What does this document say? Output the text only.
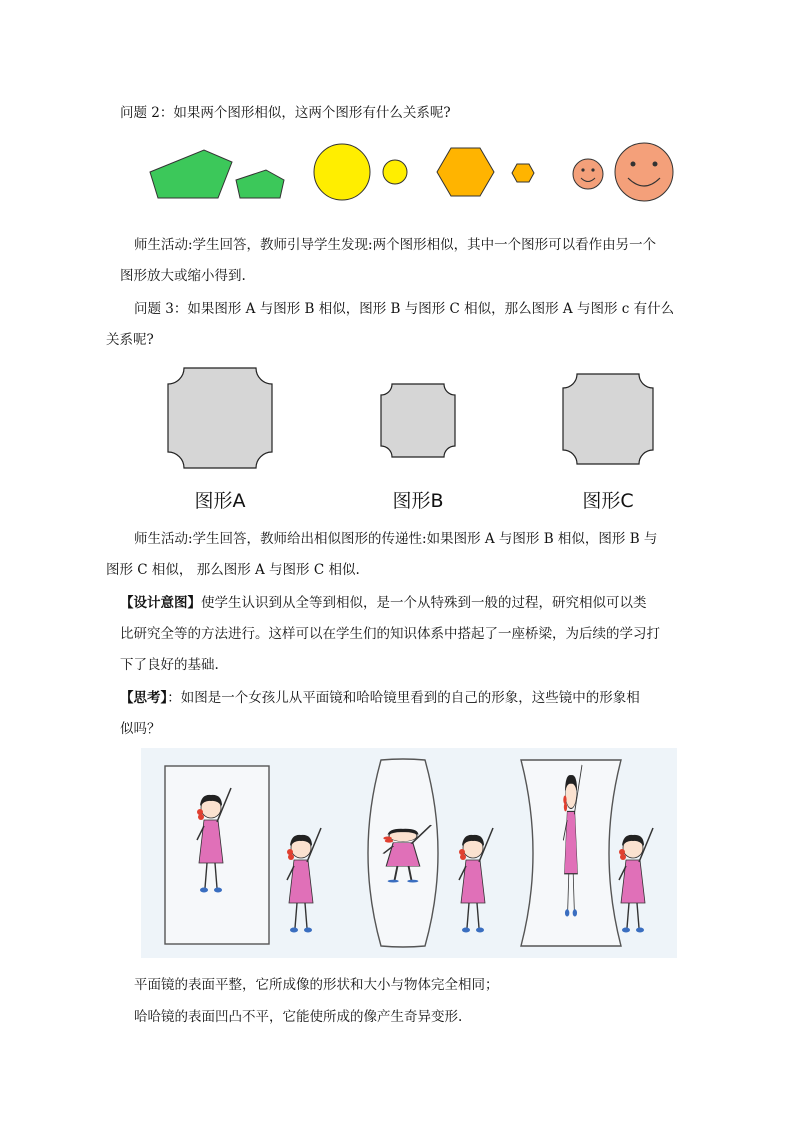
问题 2：如果两个图形相似，这两个图形有什么关系呢?

师生活动:学生回答，教师引导学生发现:两个图形相似，其中一个图形可以看作由另一个
图形放大或缩小得到.

问题 3：如果图形 A 与图形 B 相似，图形 B 与图形 C 相似，那么图形 A 与图形 c 有什么
关系呢?

图形A	图形B	图形C

师生活动:学生回答，教师给出相似图形的传递性:如果图形 A 与图形 B 相似，图形 B 与
图形 C 相似， 那么图形 A 与图形 C 相似.

【设计意图】使学生认识到从全等到相似，是一个从特殊到一般的过程，研究相似可以类
比研究全等的方法进行。这样可以在学生们的知识体系中搭起了一座桥梁，为后续的学习打
下了良好的基础.

【思考】：如图是一个女孩儿从平面镜和哈哈镜里看到的自己的形象，这些镜中的形象相
似吗？

平面镜的表面平整，它所成像的形状和大小与物体完全相同；

哈哈镜的表面凹凸不平，它能使所成的像产生奇异变形.
